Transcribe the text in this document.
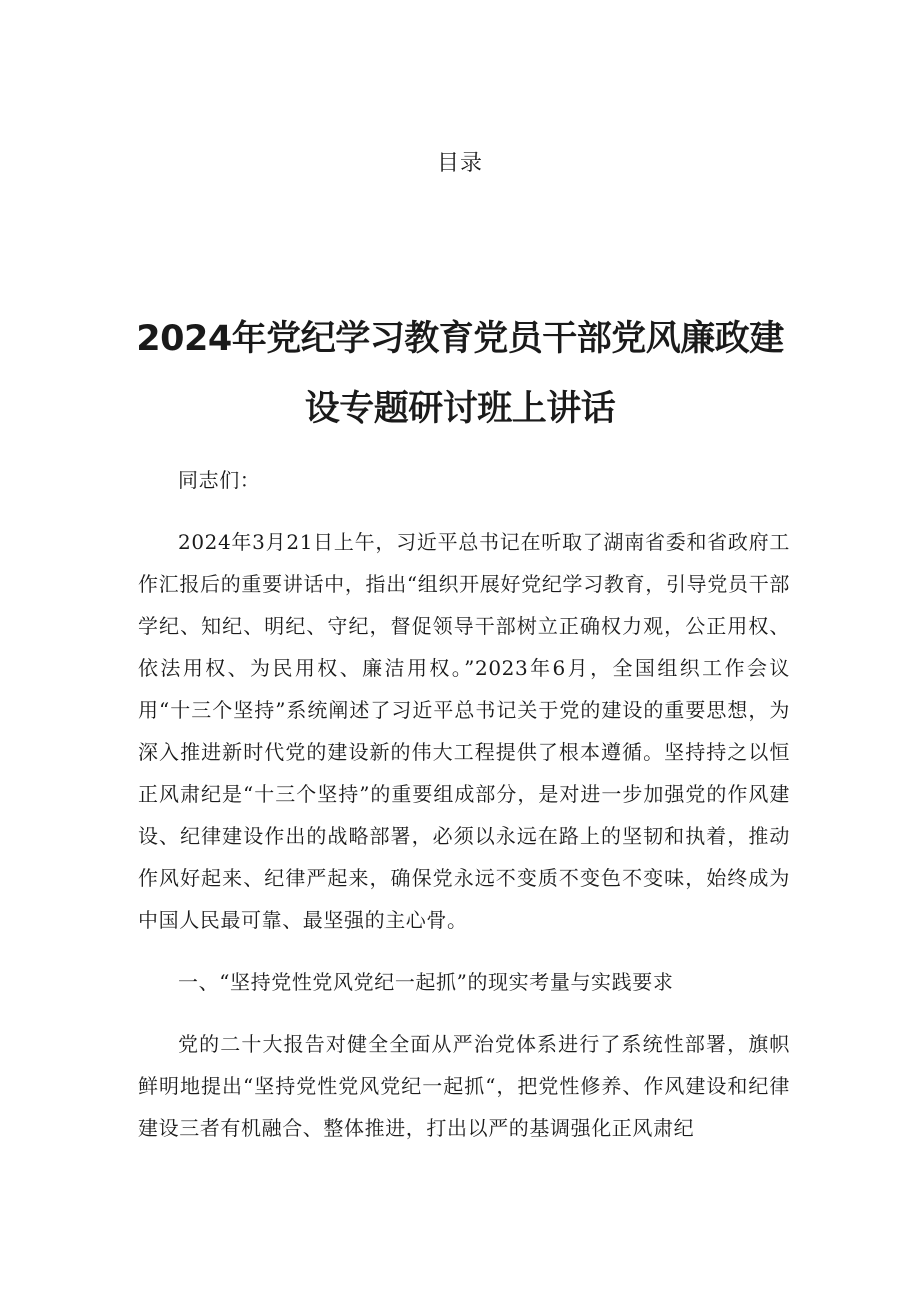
目录
2024年党纪学习教育党员干部党风廉政建设专题研讨班上讲话

同志们：

2024年3月21日上午，习近平总书记在听取了湖南省委和省政府工作汇报后的重要讲话中，指出“组织开展好党纪学习教育，引导党员干部学纪、知纪、明纪、守纪，督促领导干部树立正确权力观，公正用权、依法用权、为民用权、廉洁用权。”2023年6月，全国组织工作会议用“十三个坚持”系统阐述了习近平总书记关于党的建设的重要思想，为深入推进新时代党的建设新的伟大工程提供了根本遵循。坚持持之以恒正风肃纪是“十三个坚持”的重要组成部分，是对进一步加强党的作风建设、纪律建设作出的战略部署，必须以永远在路上的坚韧和执着，推动作风好起来、纪律严起来，确保党永远不变质不变色不变味，始终成为中国人民最可靠、最坚强的主心骨。

一、“坚持党性党风党纪一起抓”的现实考量与实践要求

党的二十大报告对健全全面从严治党体系进行了系统性部署，旗帜鲜明地提出“坚持党性党风党纪一起抓“，把党性修养、作风建设和纪律建设三者有机融合、整体推进，打出以严的基调强化正风肃纪
